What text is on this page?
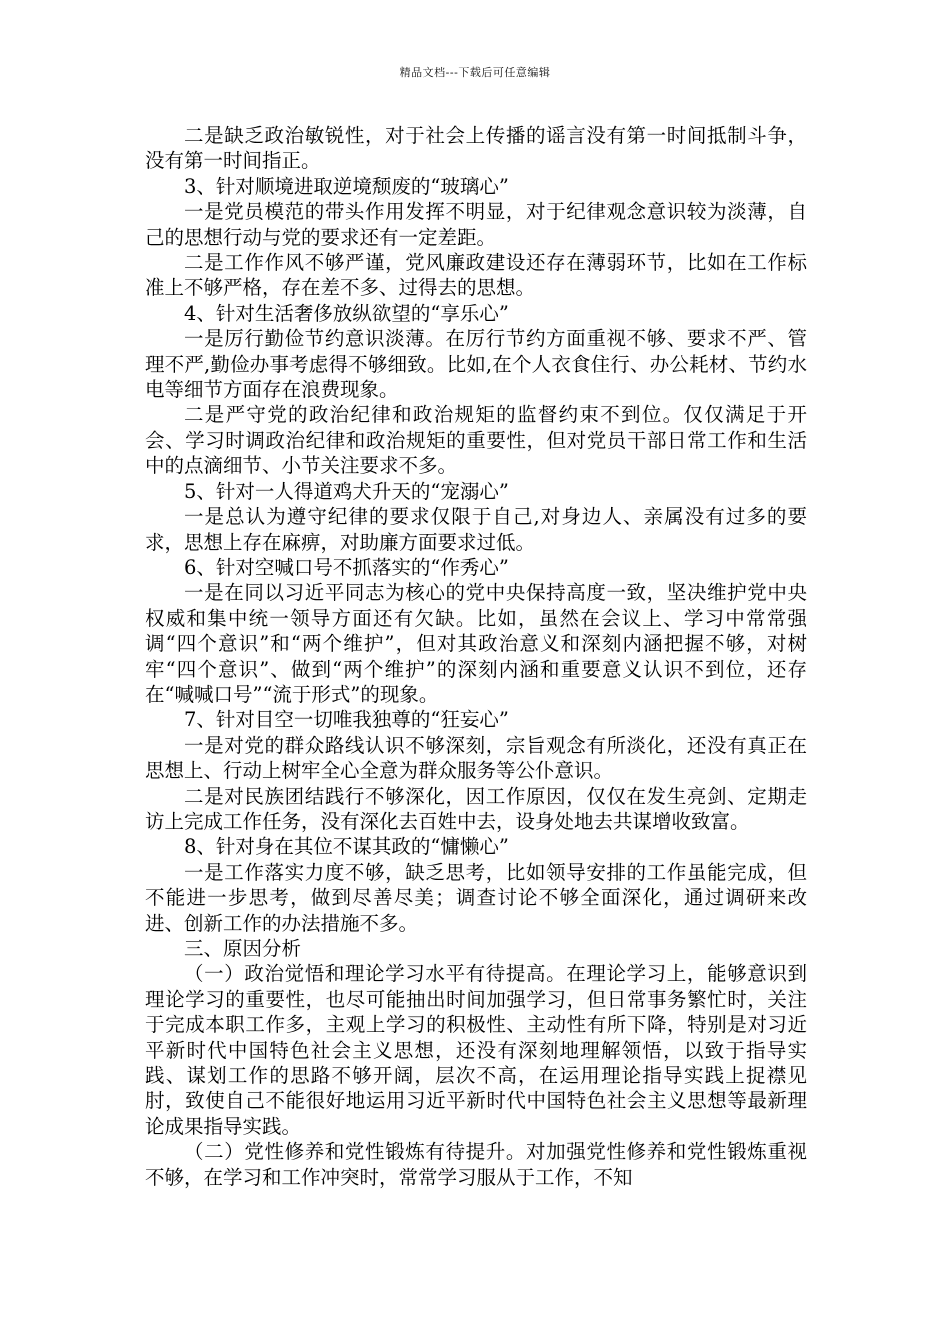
精品文档---下载后可任意编辑

二是缺乏政治敏锐性，对于社会上传播的谣言没有第一时间抵制斗争，没有第一时间指正。

3、针对顺境进取逆境颓废的“玻璃心”

一是党员模范的带头作用发挥不明显，对于纪律观念意识较为淡薄，自己的思想行动与党的要求还有一定差距。

二是工作作风不够严谨，党风廉政建设还存在薄弱环节，比如在工作标准上不够严格，存在差不多、过得去的思想。

4、针对生活奢侈放纵欲望的“享乐心”

一是厉行勤俭节约意识淡薄。在厉行节约方面重视不够、要求不严、管理不严,勤俭办事考虑得不够细致。比如,在个人衣食住行、办公耗材、节约水电等细节方面存在浪费现象。

二是严守党的政治纪律和政治规矩的监督约束不到位。仅仅满足于开会、学习时调政治纪律和政治规矩的重要性，但对党员干部日常工作和生活中的点滴细节、小节关注要求不多。

5、针对一人得道鸡犬升天的“宠溺心”

一是总认为遵守纪律的要求仅限于自己,对身边人、亲属没有过多的要求，思想上存在麻痹，对助廉方面要求过低。

6、针对空喊口号不抓落实的“作秀心”

一是在同以习近平同志为核心的党中央保持高度一致，坚决维护党中央权威和集中统一领导方面还有欠缺。比如，虽然在会议上、学习中常常强调“四个意识”和“两个维护”，但对其政治意义和深刻内涵把握不够，对树牢“四个意识”、做到“两个维护”的深刻内涵和重要意义认识不到位，还存在“喊喊口号”“流于形式”的现象。

7、针对目空一切唯我独尊的“狂妄心”

一是对党的群众路线认识不够深刻，宗旨观念有所淡化，还没有真正在思想上、行动上树牢全心全意为群众服务等公仆意识。

二是对民族团结践行不够深化，因工作原因，仅仅在发生亮剑、定期走访上完成工作任务，没有深化去百姓中去，设身处地去共谋增收致富。

8、针对身在其位不谋其政的“慵懒心”

一是工作落实力度不够，缺乏思考，比如领导安排的工作虽能完成，但不能进一步思考，做到尽善尽美；调查讨论不够全面深化，通过调研来改进、创新工作的办法措施不多。

三、原因分析

（一）政治觉悟和理论学习水平有待提高。在理论学习上，能够意识到理论学习的重要性，也尽可能抽出时间加强学习，但日常事务繁忙时，关注于完成本职工作多，主观上学习的积极性、主动性有所下降，特别是对习近平新时代中国特色社会主义思想，还没有深刻地理解领悟，以致于指导实践、谋划工作的思路不够开阔，层次不高，在运用理论指导实践上捉襟见肘，致使自己不能很好地运用习近平新时代中国特色社会主义思想等最新理论成果指导实践。

（二）党性修养和党性锻炼有待提升。对加强党性修养和党性锻炼重视不够，在学习和工作冲突时，常常学习服从于工作，不知
